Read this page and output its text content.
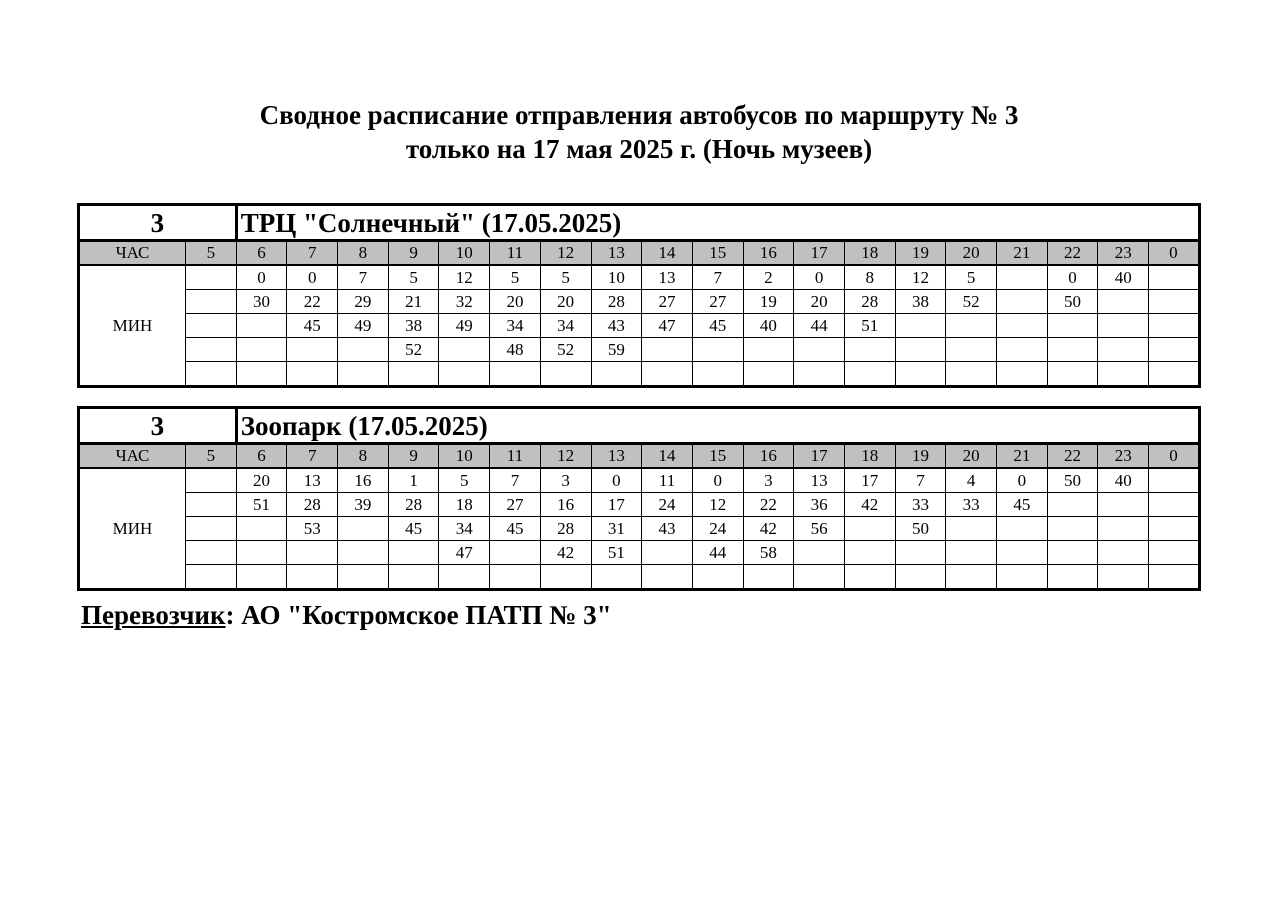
Сводное расписание отправления автобусов по маршруту № 3
только на 17 мая 2025 г. (Ночь музеев)
3		ТРЦ "Солнечный" (17.05.2025)																		
ЧАС	5	6	7	8	9	10	11	12	13	14	15	16	17	18	19	20	21	22	23	0
МИН		0	0	7	5	12	5	5	10	13	7	2	0	8	12	5		0	40	
		30	22	29	21	32	20	20	28	27	27	19	20	28	38	52		50		
			45	49	38	49	34	34	43	47	45	40	44	51						
					52		48	52	59											

3		Зоопарк (17.05.2025)																		
ЧАС	5	6	7	8	9	10	11	12	13	14	15	16	17	18	19	20	21	22	23	0
МИН		20	13	16	1	5	7	3	0	11	0	3	13	17	7	4	0	50	40	
		51	28	39	28	18	27	16	17	24	12	22	36	42	33	33	45			
			53		45	34	45	28	31	43	24	42	56		50					
						47		42	51		44	58								

Перевозчик: АО "Костромское ПАТП № 3"
